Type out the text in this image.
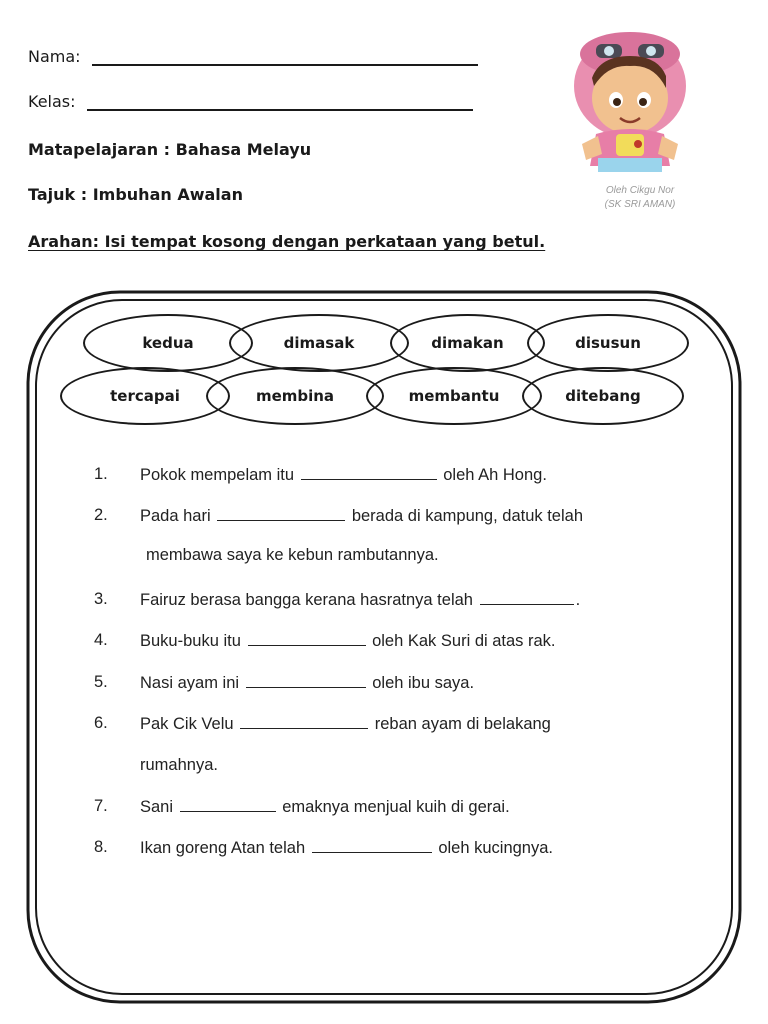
Nama:
Kelas:
Matapelajaran : Bahasa Melayu
Tajuk : Imbuhan Awalan
Arahan: Isi tempat kosong dengan perkataan yang betul.
Oleh Cikgu Nor
(SK SRI AMAN)
kedua	dimasak	dimakan	disusun
tercapai	membina	membantu	ditebang
1. Pokok mempelam itu	oleh Ah Hong.
2. Pada hari	berada di kampung, datuk telah
membawa saya ke kebun rambutannya.
3. Fairuz berasa bangga kerana hasratnya telah	.
4. Buku-buku itu	oleh Kak Suri di atas rak.
5. Nasi ayam ini	oleh ibu saya.
6. Pak Cik Velu	reban ayam di belakang
rumahnya.
7. Sani	emaknya menjual kuih di gerai.
8. Ikan goreng Atan telah	oleh kucingnya.
